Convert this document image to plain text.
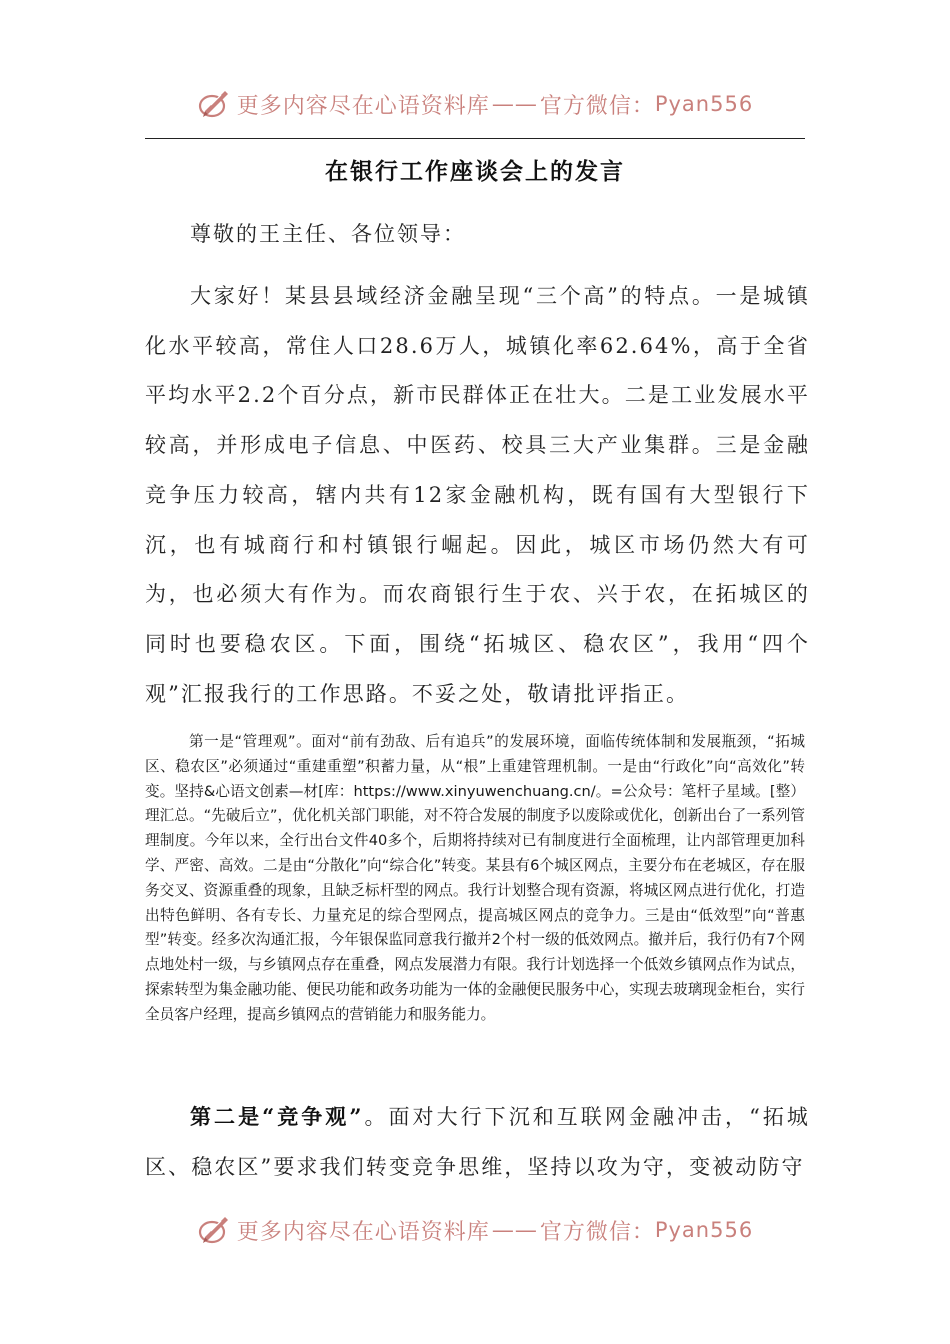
更多内容尽在心语资料库 —— 官方微信： Pyan556
在银行工作座谈会上的发言
尊敬的王主任、各位领导：

大家好！某县县域经济金融呈现“三个高”的特点。一是城镇化水平较高，常住人口28.6万人，城镇化率62.64%，高于全省平均水平2.2个百分点，新市民群体正在壮大。二是工业发展水平较高，并形成电子信息、中医药、校具三大产业集群。三是金融竞争压力较高，辖内共有12家金融机构，既有国有大型银行下沉，也有城商行和村镇银行崛起。因此，城区市场仍然大有可为，也必须大有作为。而农商银行生于农、兴于农，在拓城区的同时也要稳农区。下面，围绕“拓城区、稳农区”，我用“四个观”汇报我行的工作思路。不妥之处，敬请批评指正。

第一是“管理观”。面对“前有劲敌、后有追兵”的发展环境，面临传统体制和发展瓶颈，“拓城区、稳农区”必须通过“重建重塑”积蓄力量，从“根”上重建管理机制。一是由“行政化”向“高效化”转变。坚持&心语文创素—材[库：https://www.xinyuwenchuang.cn/。=公众号：笔杆子星域。[整）理汇总。“先破后立”，优化机关部门职能，对不符合发展的制度予以废除或优化，创新出台了一系列管理制度。今年以来，全行出台文件40多个，后期将持续对已有制度进行全面梳理，让内部管理更加科学、严密、高效。二是由“分散化”向“综合化”转变。某县有6个城区网点，主要分布在老城区，存在服务交叉、资源重叠的现象，且缺乏标杆型的网点。我行计划整合现有资源，将城区网点进行优化，打造出特色鲜明、各有专长、力量充足的综合型网点，提高城区网点的竞争力。三是由“低效型”向“普惠型”转变。经多次沟通汇报，今年银保监同意我行撤并2个村一级的低效网点。撤并后，我行仍有7个网点地处村一级，与乡镇网点存在重叠，网点发展潜力有限。我行计划选择一个低效乡镇网点作为试点，探索转型为集金融功能、便民功能和政务功能为一体的金融便民服务中心，实现去玻璃现金柜台，实行全员客户经理，提高乡镇网点的营销能力和服务能力。

第二是“竞争观”。面对大行下沉和互联网金融冲击，“拓城区、稳农区”要求我们转变竞争思维，坚持以攻为守，变被动防守

更多内容尽在心语资料库 —— 官方微信： Pyan556
